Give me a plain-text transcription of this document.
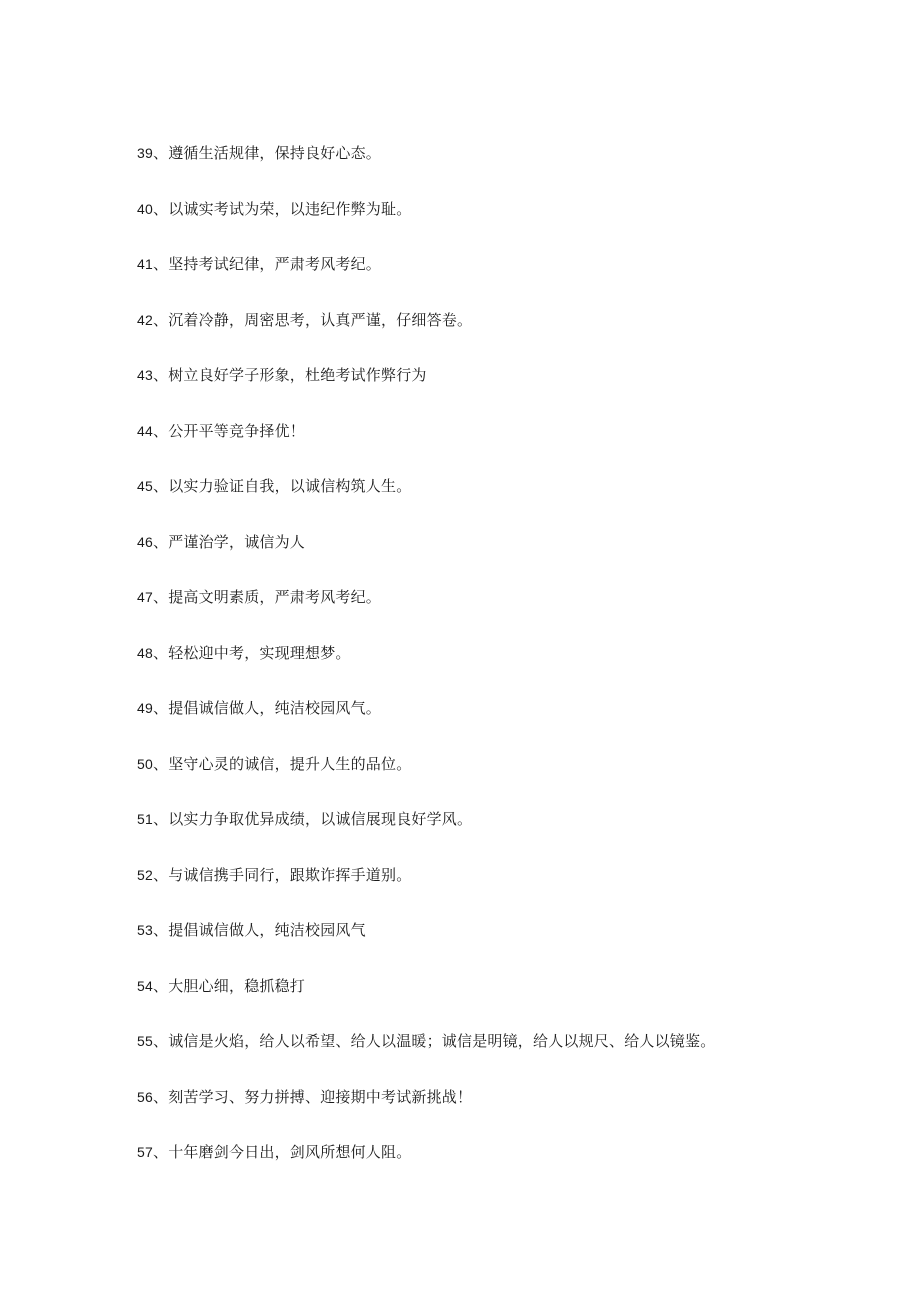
39、遵循生活规律，保持良好心态。
40、以诚实考试为荣，以违纪作弊为耻。
41、坚持考试纪律，严肃考风考纪。
42、沉着冷静，周密思考，认真严谨，仔细答卷。
43、树立良好学子形象，杜绝考试作弊行为
44、公开平等竞争择优！
45、以实力验证自我，以诚信构筑人生。
46、严谨治学，诚信为人
47、提高文明素质，严肃考风考纪。
48、轻松迎中考，实现理想梦。
49、提倡诚信做人，纯洁校园风气。
50、坚守心灵的诚信，提升人生的品位。
51、以实力争取优异成绩，以诚信展现良好学风。
52、与诚信携手同行，跟欺诈挥手道别。
53、提倡诚信做人，纯洁校园风气
54、大胆心细，稳抓稳打
55、诚信是火焰，给人以希望、给人以温暖；诚信是明镜，给人以规尺、给人以镜鉴。
56、刻苦学习、努力拼搏、迎接期中考试新挑战！
57、十年磨剑今日出，剑风所想何人阻。
